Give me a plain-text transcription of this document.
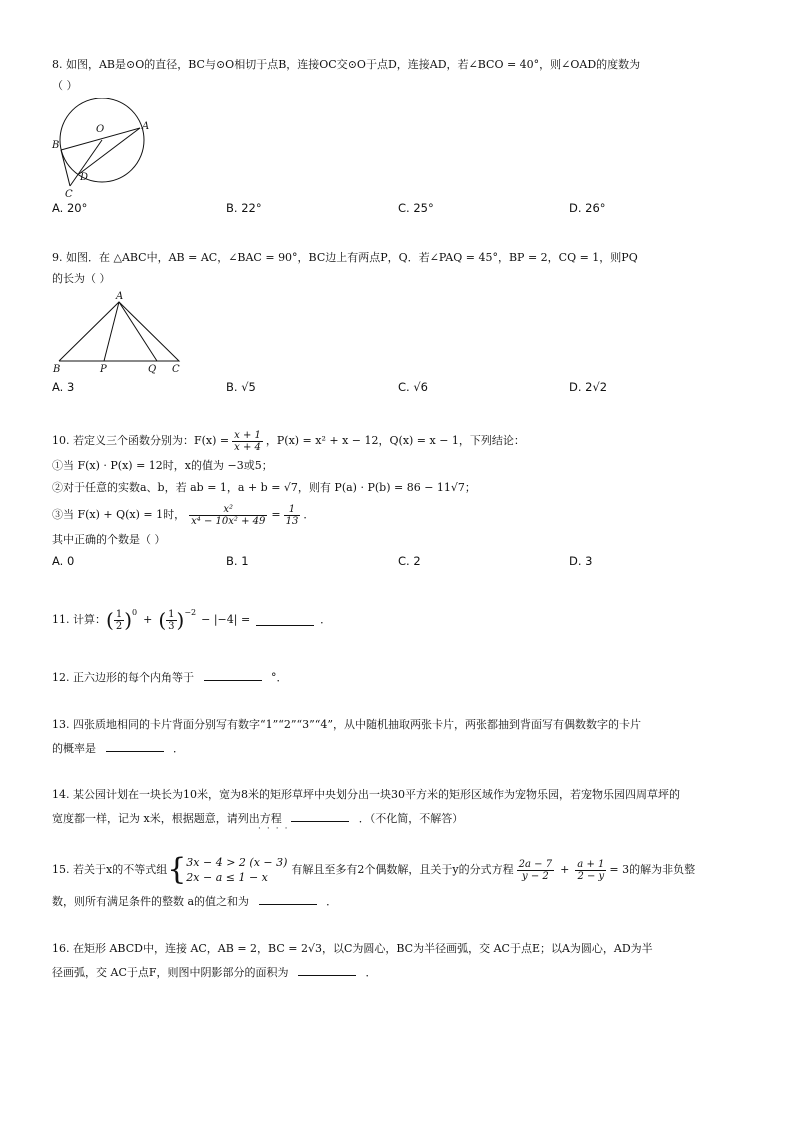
8. 如图，AB是⊙O的直径，BC与⊙O相切于点B，连接OC交⊙O于点D，连接AD，若∠BCO = 40°，则∠OAD的度数为
（ ）
O	A
B
D
C
A. 20°	B. 22°	C. 25°	D. 26°
9. 如图．在 △ABC中，AB = AC，∠BAC = 90°，BC边上有两点P，Q．若∠PAQ = 45°，BP = 2，CQ = 1，则PQ
的长为（ ）
A
B	P	Q C
A. 3	B. √5	C. √6	D. 2√2
10. 若定义三个函数分别为：$F(x) = \frac{x + 1}{x + 4}$ ，P(x) = x² + x − 12，Q(x) = x − 1，下列结论：
①当 F(x) · P(x) = 12时，x的值为 −3或5；
②对于任意的实数a、b，若 ab = 1，a + b = √7，则有 P(a) · P(b) = 86 − 11√7；
③当 F(x) + Q(x) = 1时， $\frac{\text{x²}}{\text{x⁴ − 10x² + 49}} = \frac{1}{13}$ ．
其中正确的个数是（ ）
A. 0	B. 1	C. 2	D. 3
11. 计算： ( $\frac{1}{2}$ ) 0
+ ( $\frac{1}{3}$ ) −2
− |−4| =	．
12. 正六边形的每个内角等于	°．
13. 四张质地相同的卡片背面分别写有数字“1”“2”“3”“4”，从中随机抽取两张卡片，两张都抽到背面写有偶数数字的卡片
的概率是	．
14. 某公园计划在一块长为10米，宽为8米的矩形草坪中央划分出一块30平方米的矩形区域作为宠物乐园，若宠物乐园四周草坪的
宽度都一样，记为 x米，根据题意，请列出方程	．（不化简，不解答）
····
15. 若关于x的不等式组 { 3x − 4 > 2 (x − 3)
2x − a ≤ 1 − x
有解且至多有2个偶数解，且关于y的分式方程 $\frac{2a - 7}{y - 2} + \frac{a + 1}{2 - y} = 3$的解为非负整
数，则所有满足条件的整数 a的值之和为	．
16. 在矩形 ABCD中，连接 AC，AB = 2，BC = 2√3，以C为圆心，BC为半径画弧，交 AC于点E；以A为圆心，AD为半
径画弧，交 AC于点F，则图中阴影部分的面积为	．
